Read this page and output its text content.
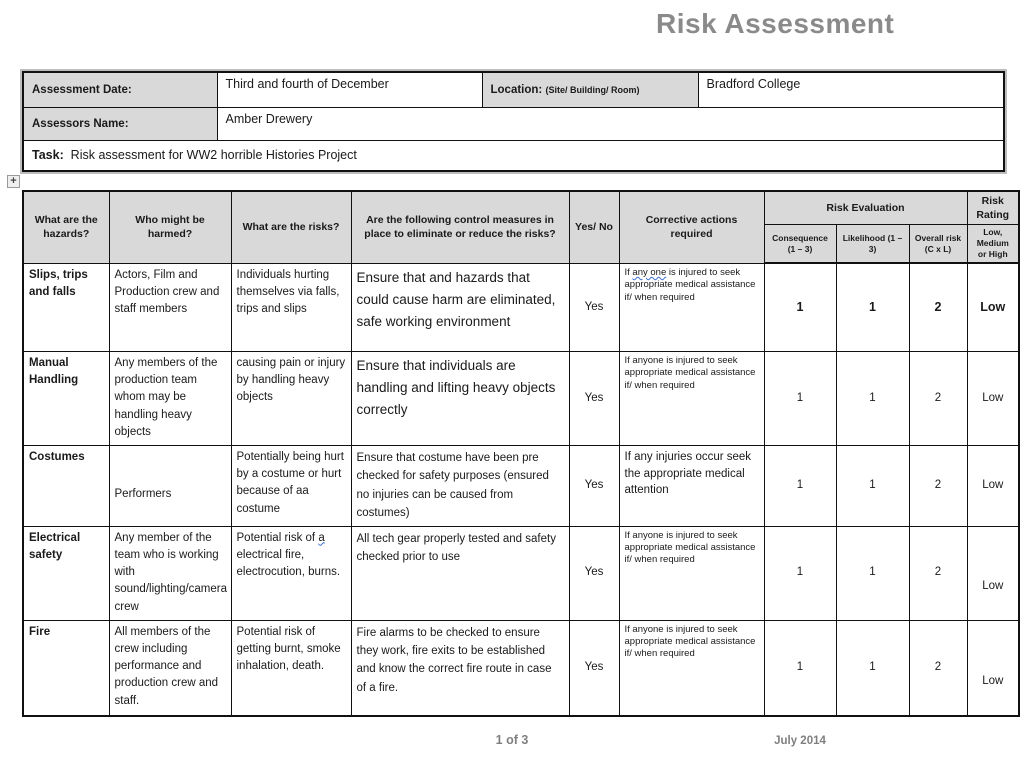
Risk Assessment
+
Assessment Date:	Third and fourth of December	Location: (Site/ Building/ Room)	Bradford College
Assessors Name:	Amber Drewery		
Task:  Risk assessment for WW2 horrible Histories Project			
What are the hazards?	Who might be harmed?	What are the risks?	Are the following control measures in place to eliminate or reduce the risks?	Yes/ No	Corrective actions required	Risk Evaluation			Risk Rating
						Consequence (1 – 3)	Likelihood (1 – 3)	Overall risk (C x L)	Low, Medium or High
Slips, trips and falls	Actors, Film and Production crew and staff members	Individuals hurting themselves via falls, trips and slips	Ensure that and hazards that could cause harm are eliminated, safe working environment	Yes	If any one is injured to seek appropriate medical assistance if/ when required	1	1	2	Low
Manual Handling	Any members of the production team whom may be handling heavy objects	causing pain or injury by handling heavy objects	Ensure that individuals are handling and lifting heavy objects correctly	Yes	If anyone is injured to seek appropriate medical assistance if/ when required	1	1	2	Low
Costumes	Performers	Potentially being hurt by a costume or hurt because of aa costume	Ensure that costume have been pre checked for safety purposes (ensured no injuries can be caused from costumes)	Yes	If any injuries occur seek the appropriate medical attention	1	1	2	Low
Electrical safety	Any member of the team who is working with sound/lighting/camera crew	Potential risk of a electrical fire, electrocution, burns.	All tech gear properly tested and safety checked prior to use	Yes	If anyone is injured to seek appropriate medical assistance if/ when required	1	1	2	Low
Fire	All members of the crew including performance and production crew and staff.	Potential risk of getting burnt, smoke inhalation, death.	Fire alarms to be checked to ensure they work, fire exits to be established and know the correct fire route in case of a fire.	Yes	If anyone is injured to seek appropriate medical assistance if/ when required	1	1	2	Low
1 of 3	July 2014
